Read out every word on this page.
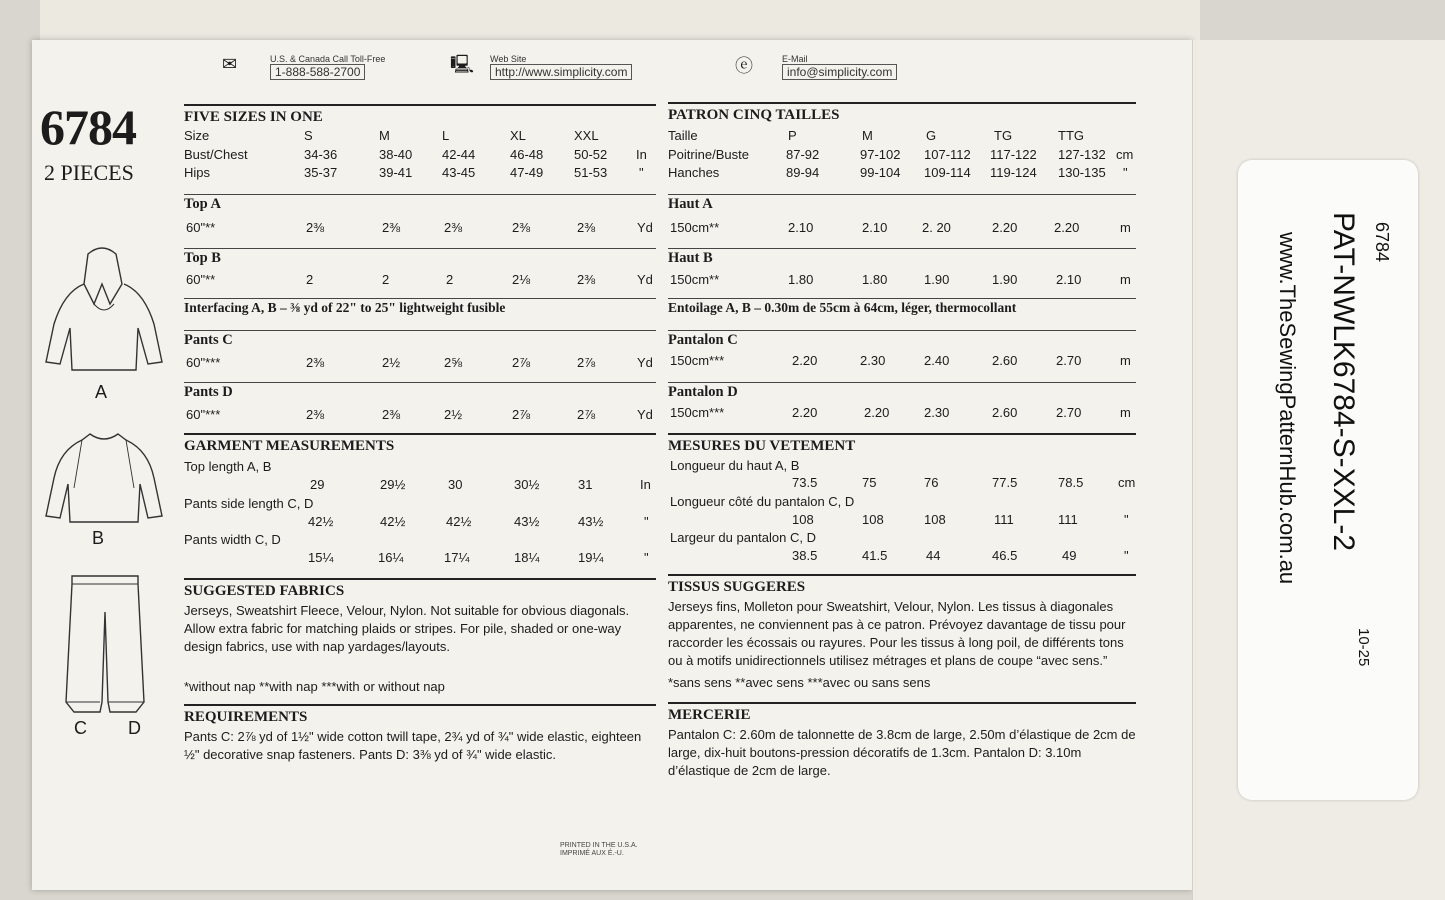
U.S. & Canada Call Toll-Free
1-888-588-2700
Web Site
http://www.simplicity.com
E-Mail
info@simplicity.com
✉	🖳	ⓔ
6784
2 PIECES
A
B
C D
FIVE SIZES IN ONE
Size	S	M	L	XL	XXL
Bust/Chest	34-36	38-40 42-44	46-48 50-52 In
Hips	35-37	39-41 43-45	47-49 51-53 "
Top A
60"**	2⅜	2⅜	2⅜	2⅜	2⅜	Yd
Top B
60"**	2	2	2	2⅛	2⅜	Yd
Interfacing A, B – ⅜ yd of 22" to 25" lightweight fusible
Pants C
60"***	2⅜	2½	2⅝	2⅞	2⅞	Yd
Pants D
60"***	2⅜	2⅜	2½	2⅞	2⅞	Yd
GARMENT MEASUREMENTS
Top length A, B
29	29½	30	30½	31	In
Pants side length C, D
42½	42½	42½	43½	43½	"
Pants width C, D
15¼	16¼	17¼	18¼	19¼	"
SUGGESTED FABRICS
Jerseys, Sweatshirt Fleece, Velour, Nylon. Not suitable for obvious diagonals. Allow extra fabric for matching plaids or stripes. For pile, shaded or one-way design fabrics, use with nap yardages/layouts.
*without nap **with nap ***with or without nap
REQUIREMENTS
Pants C: 2⅞ yd of 1½" wide cotton twill tape, 2¾ yd of ¾" wide elastic, eighteen ½" decorative snap fasteners. Pants D: 3⅜ yd of ¾" wide elastic.
PATRON CINQ TAILLES
Taille	P	M	G	TG	TTG
Poitrine/Buste	87-92	97-102 107-112 117-122 127-132 cm
Hanches	89-94	99-104 109-114 119-124 130-135 "
Haut A
150cm**	2.10	2.10	2. 20	2.20	2.20	m
Haut B
150cm**	1.80	1.80	1.90	1.90	2.10	m
Entoilage A, B – 0.30m de 55cm à 64cm, léger, thermocollant
Pantalon C
150cm***	2.20	2.30	2.40	2.60	2.70	m
Pantalon D
150cm***	2.20	2.20	2.30	2.60	2.70	m
MESURES DU VETEMENT
Longueur du haut A, B
73.5	75	76	77.5	78.5	cm
Longueur côté du pantalon C, D
108	108	108	111	111	"
Largeur du pantalon C, D
38.5	41.5	44	46.5	49	"
TISSUS SUGGERES
Jerseys fins, Molleton pour Sweatshirt, Velour, Nylon. Les tissus à diagonales apparentes, ne conviennent pas à ce patron. Prévoyez davantage de tissu pour raccorder les écossais ou rayures. Pour les tissus à long poil, de différents tons ou à motifs unidirectionnels utilisez métrages et plans de coupe “avec sens.”
*sans sens **avec sens ***avec ou sans sens
MERCERIE
Pantalon C: 2.60m de talonnette de 3.8cm de large, 2.50m d’élastique de 2cm de large, dix-huit boutons-pression décoratifs de 1.3cm. Pantalon D: 3.10m d’élastique de 2cm de large.
PRINTED IN THE U.S.A.
IMPRIMÉ AUX É.-U.
6784
PAT-NWLK6784-S-XXL-2
www.TheSewingPatternHub.com.au
10-25
